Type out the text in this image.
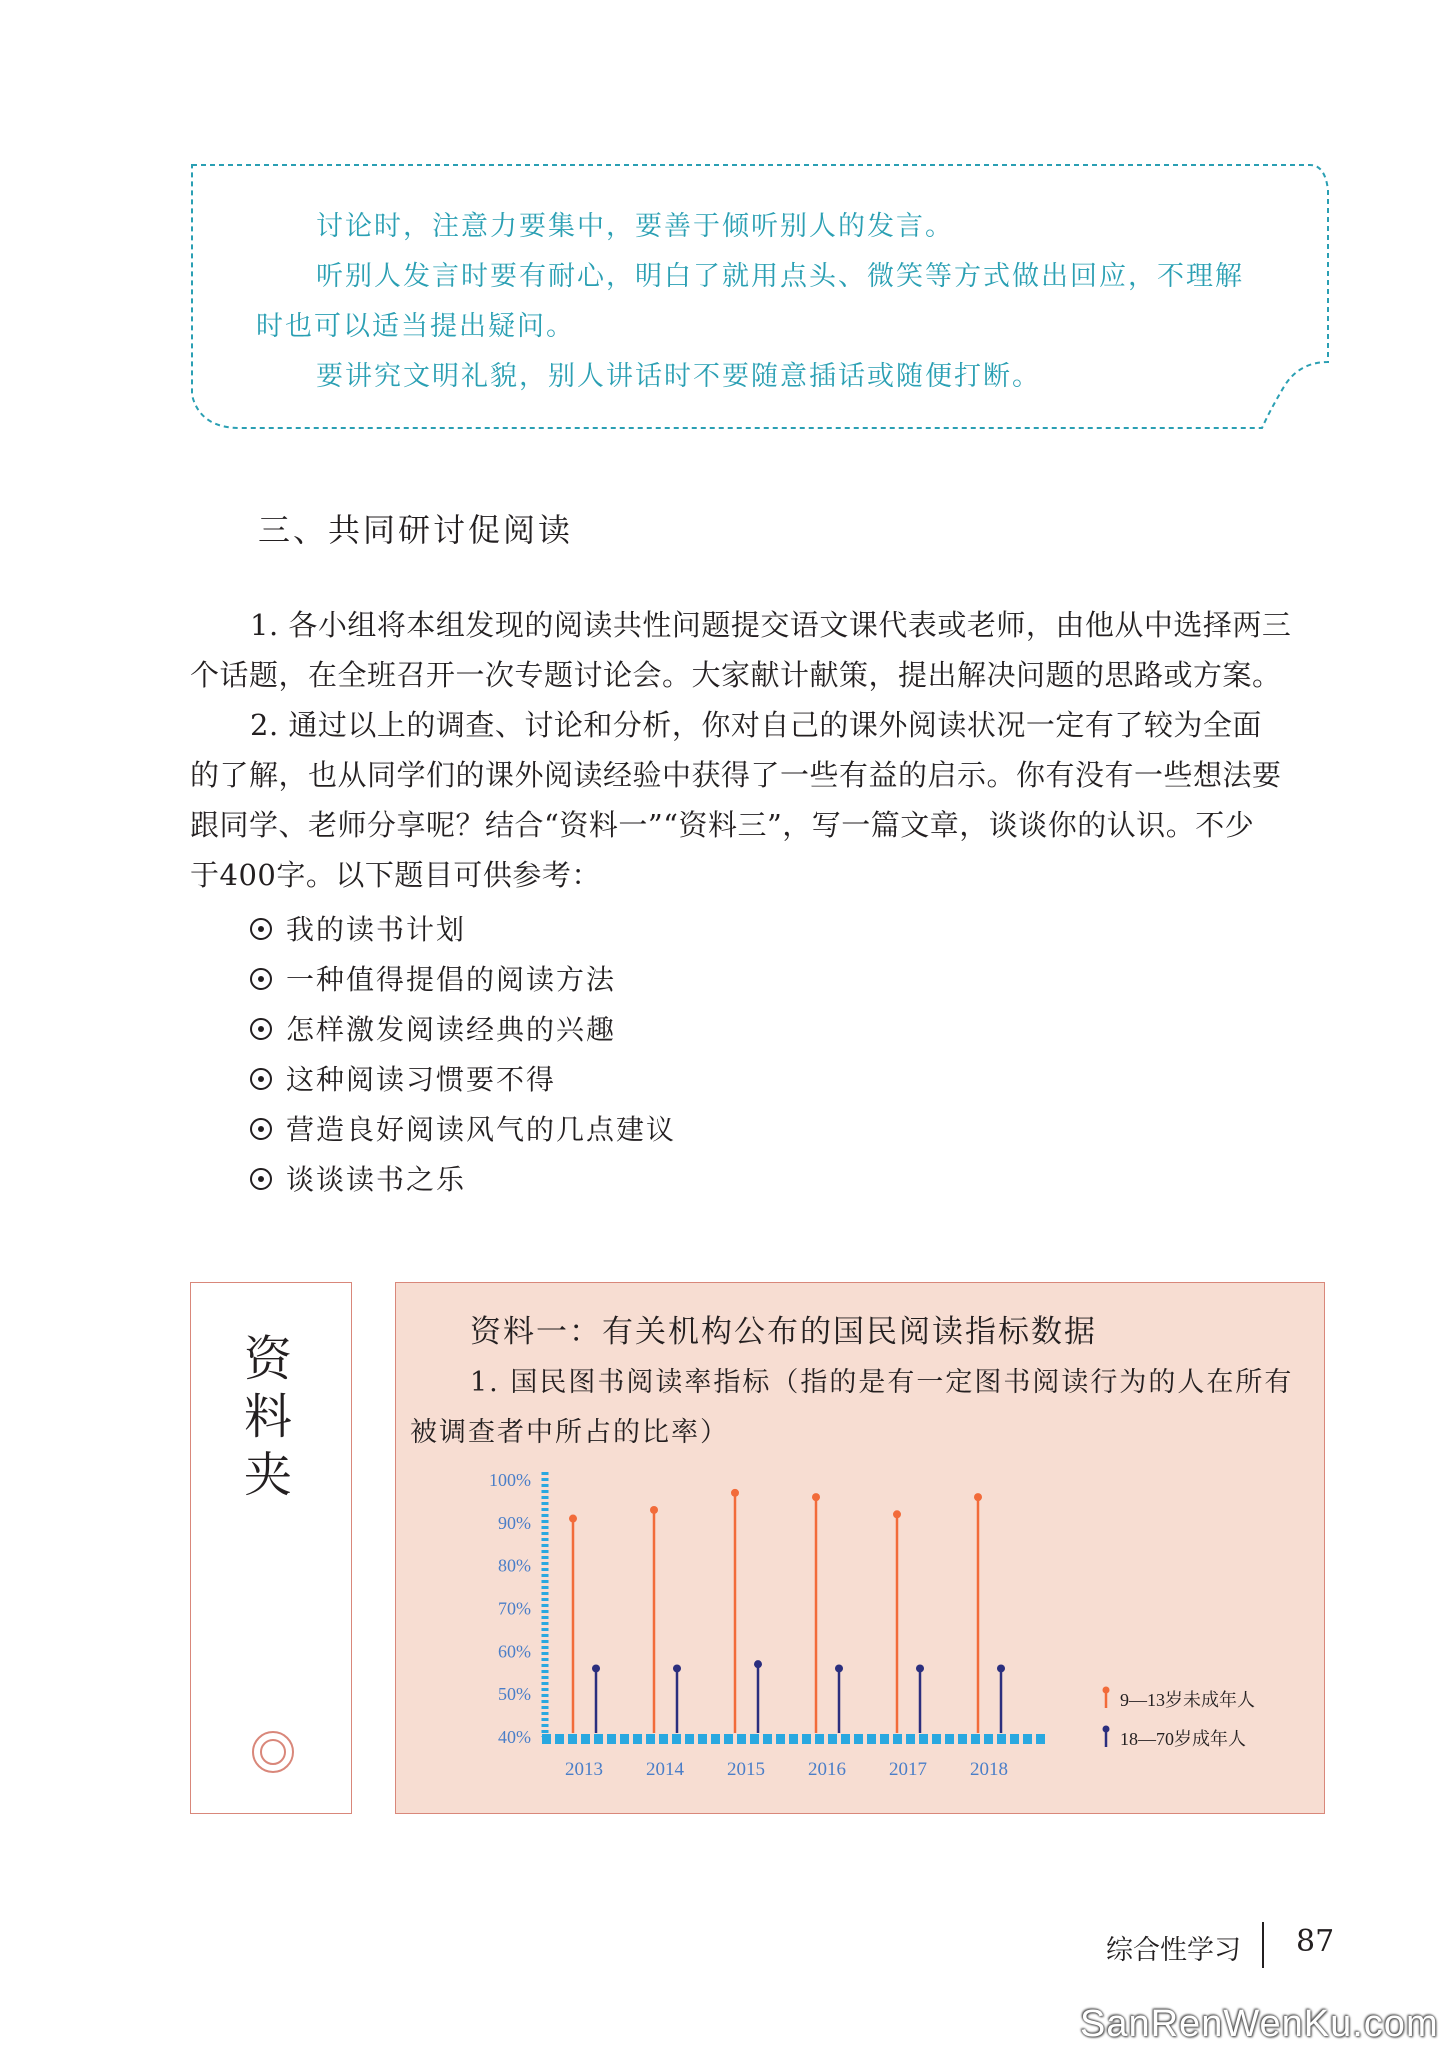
讨论时，注意力要集中，要善于倾听别人的发言。
听别人发言时要有耐心，明白了就用点头、微笑等方式做出回应，不理解
时也可以适当提出疑问。
要讲究文明礼貌，别人讲话时不要随意插话或随便打断。
三、共同研讨促阅读
1. 各小组将本组发现的阅读共性问题提交语文课代表或老师，由他从中选择两三
个话题，在全班召开一次专题讨论会。大家献计献策，提出解决问题的思路或方案。
2. 通过以上的调查、讨论和分析，你对自己的课外阅读状况一定有了较为全面
的了解，也从同学们的课外阅读经验中获得了一些有益的启示。你有没有一些想法要
跟同学、老师分享呢？结合“资料一”“资料三”，写一篇文章，谈谈你的认识。不少
于400字。以下题目可供参考：
我的读书计划
一种值得提倡的阅读方法
怎样激发阅读经典的兴趣
这种阅读习惯要不得
营造良好阅读风气的几点建议
谈谈读书之乐
资料夹
资料一：有关机构公布的国民阅读指标数据
1. 国民图书阅读率指标（指的是有一定图书阅读行为的人在所有
被调查者中所占的比率）
40%
50%
60%
70%
80%
90%
100%
2013 2014 2015 2016 2017 2018
9—13岁未成年人
18—70岁成年人
综合性学习 87
SanRenWenKu.com
